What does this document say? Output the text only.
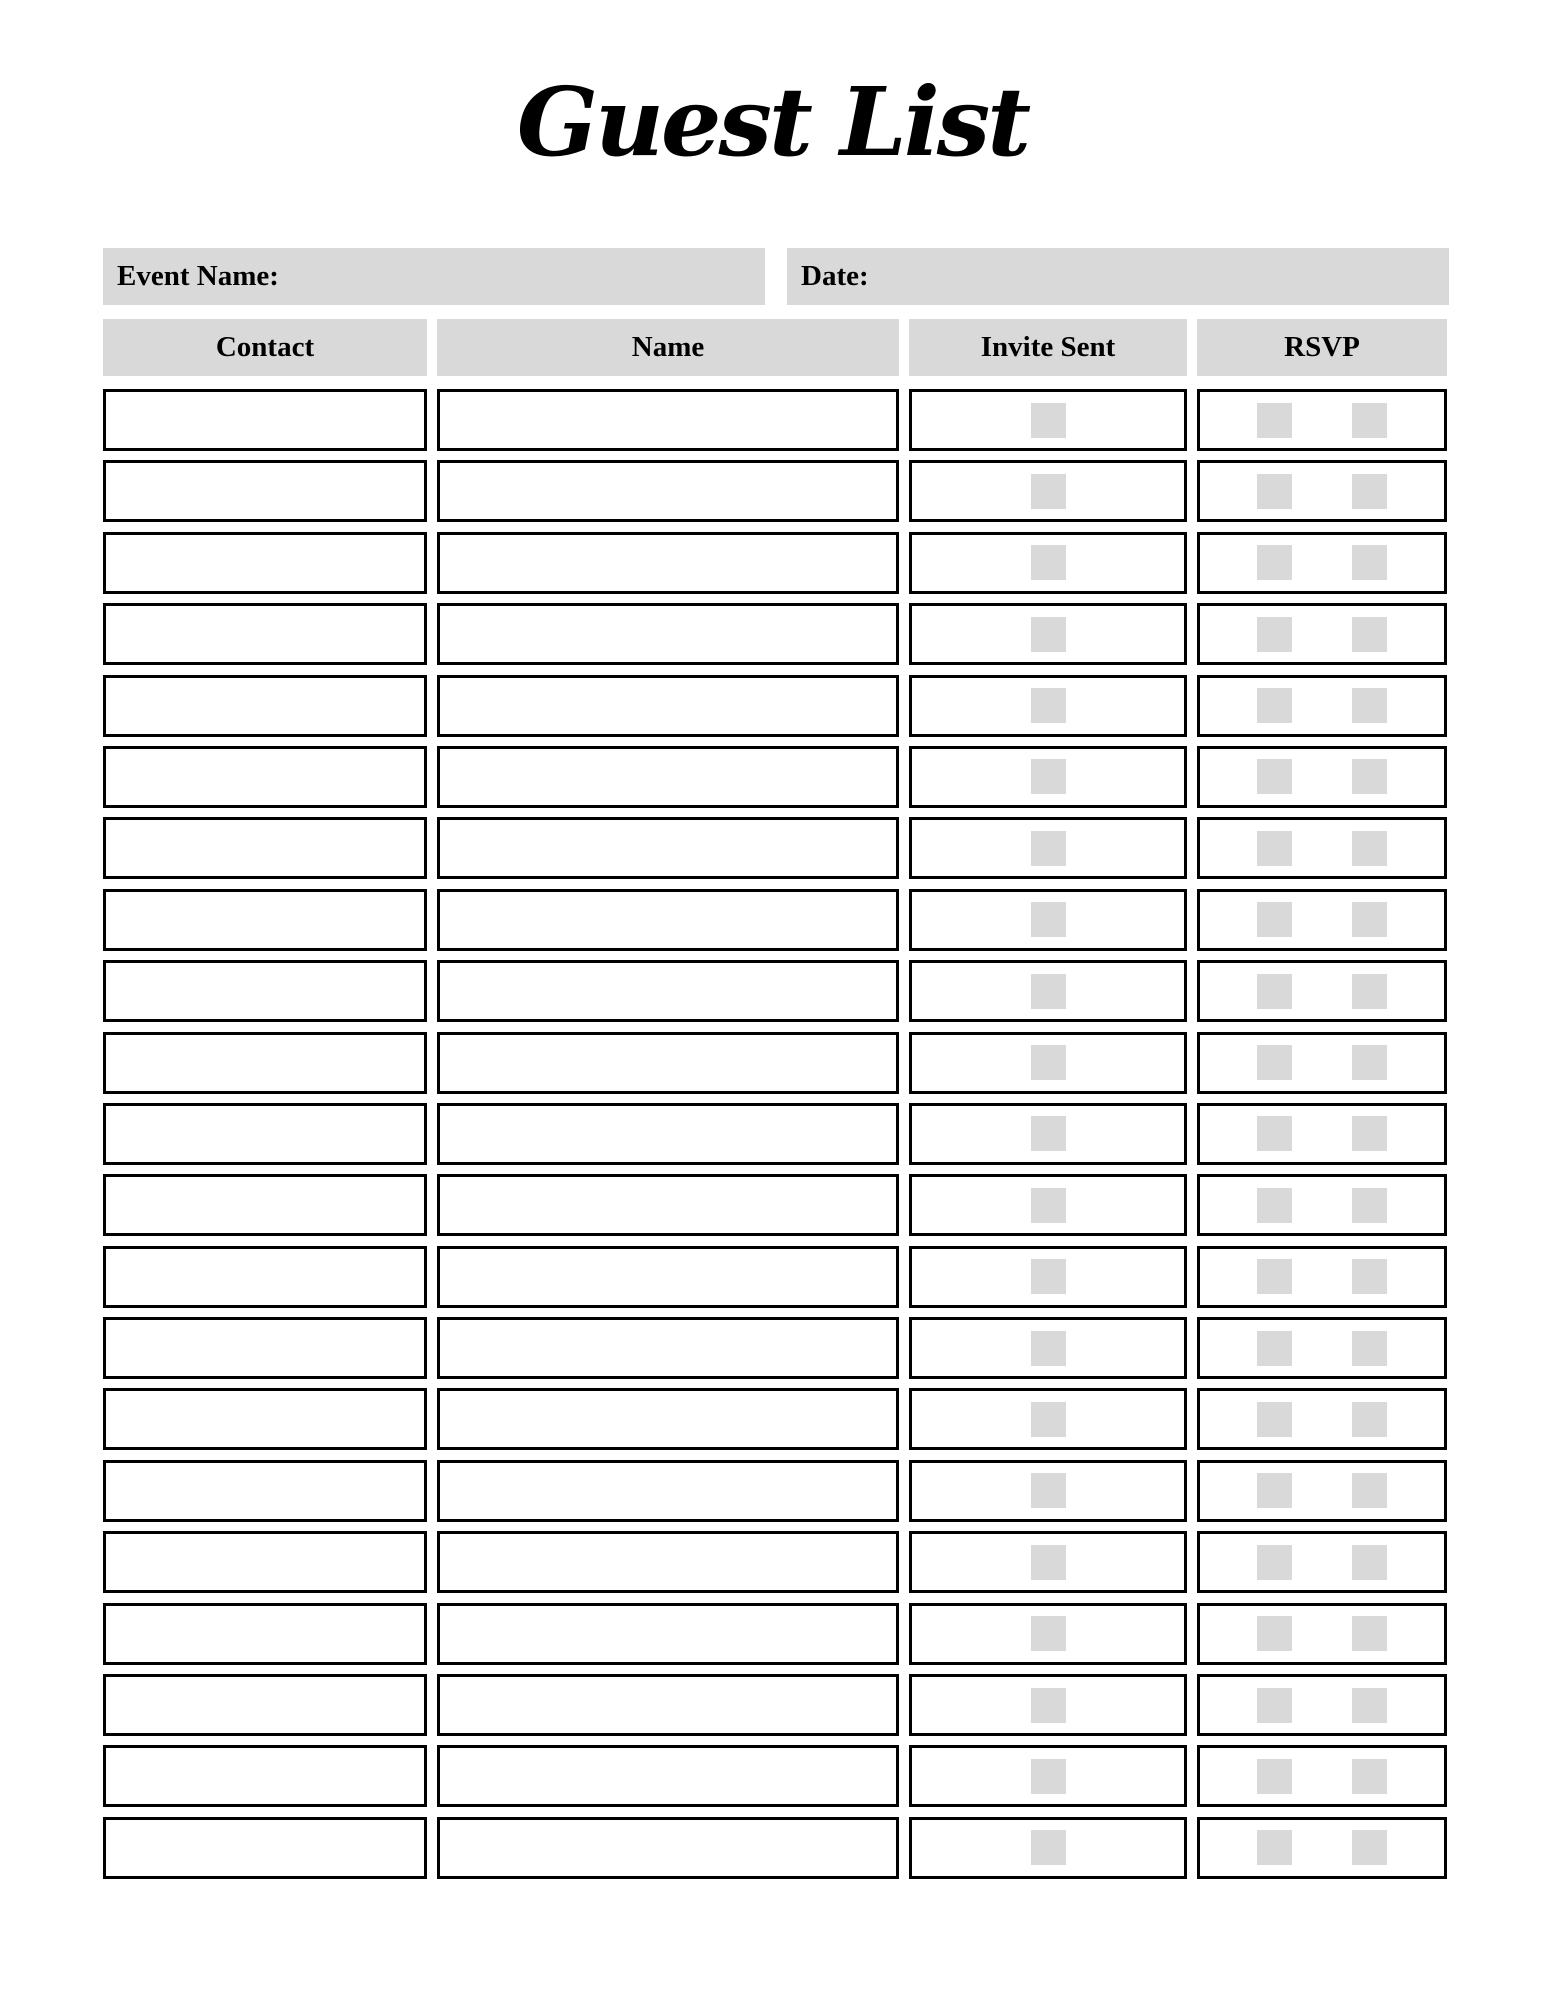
Guest List
Event Name:	Date:
Contact	Name	Invite Sent	RSVP
